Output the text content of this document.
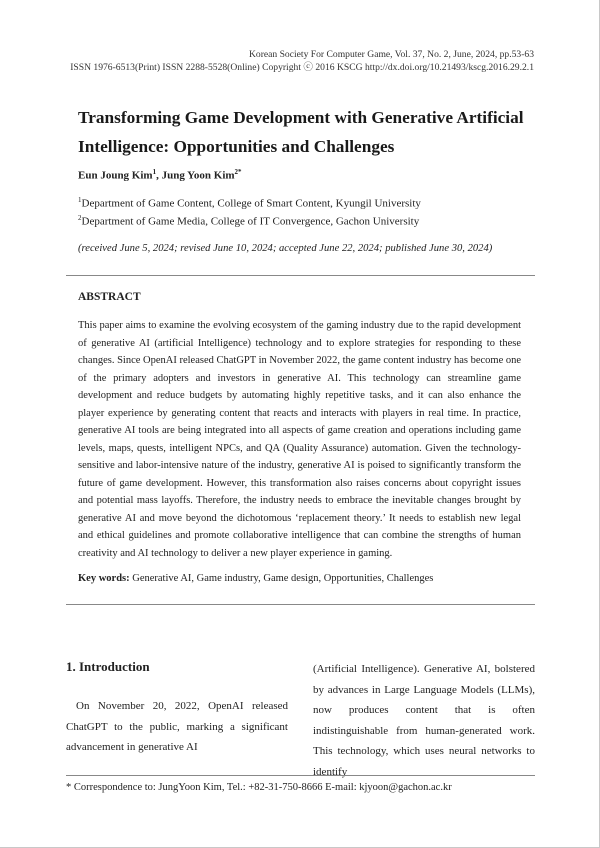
Korean Society For Computer Game, Vol. 37, No. 2, June, 2024, pp.53-63
ISSN 1976-6513(Print) ISSN 2288-5528(Online) Copyright ⓒ 2016 KSCG http://dx.doi.org/10.21493/kscg.2016.29.2.1
Transforming Game Development with Generative Artificial Intelligence: Opportunities and Challenges
Eun Joung Kim$^1$, Jung Yoon Kim$^{2*}$
$^1$Department of Game Content, College of Smart Content, Kyungil University
$^2$Department of Game Media, College of IT Convergence, Gachon University
(received June 5, 2024; revised June 10, 2024; accepted June 22, 2024; published June 30, 2024)
ABSTRACT
This paper aims to examine the evolving ecosystem of the gaming industry due to the rapid development of generative AI (artificial Intelligence) technology and to explore strategies for responding to these changes. Since OpenAI released ChatGPT in November 2022, the game content industry has become one of the primary adopters and investors in generative AI. This technology can streamline game development and reduce budgets by automating highly repetitive tasks, and it can also enhance the player experience by generating content that reacts and interacts with players in real time. In practice, generative AI tools are being integrated into all aspects of game creation and operations including game levels, maps, quests, intelligent NPCs, and QA (Quality Assurance) automation. Given the technology-sensitive and labor-intensive nature of the industry, generative AI is poised to significantly transform the future of game development. However, this transformation also raises concerns about copyright issues and potential mass layoffs. Therefore, the industry needs to embrace the inevitable changes brought by generative AI and move beyond the dichotomous ‘replacement theory.’ It needs to establish new legal and ethical guidelines and promote collaborative intelligence that can combine the strengths of human creativity and AI technology to deliver a new player experience in gaming.
Key words: Generative AI, Game industry, Game design, Opportunities, Challenges
1. Introduction
On November 20, 2022, OpenAI released ChatGPT to the public, marking a significant advancement in generative AI
(Artificial Intelligence). Generative AI, bolstered by advances in Large Language Models (LLMs), now produces content that is often indistinguishable from human-generated work. This technology, which uses neural networks to identify
* Correspondence to: JungYoon Kim, Tel.: +82-31-750-8666 E-mail: kjyoon@gachon.ac.kr
